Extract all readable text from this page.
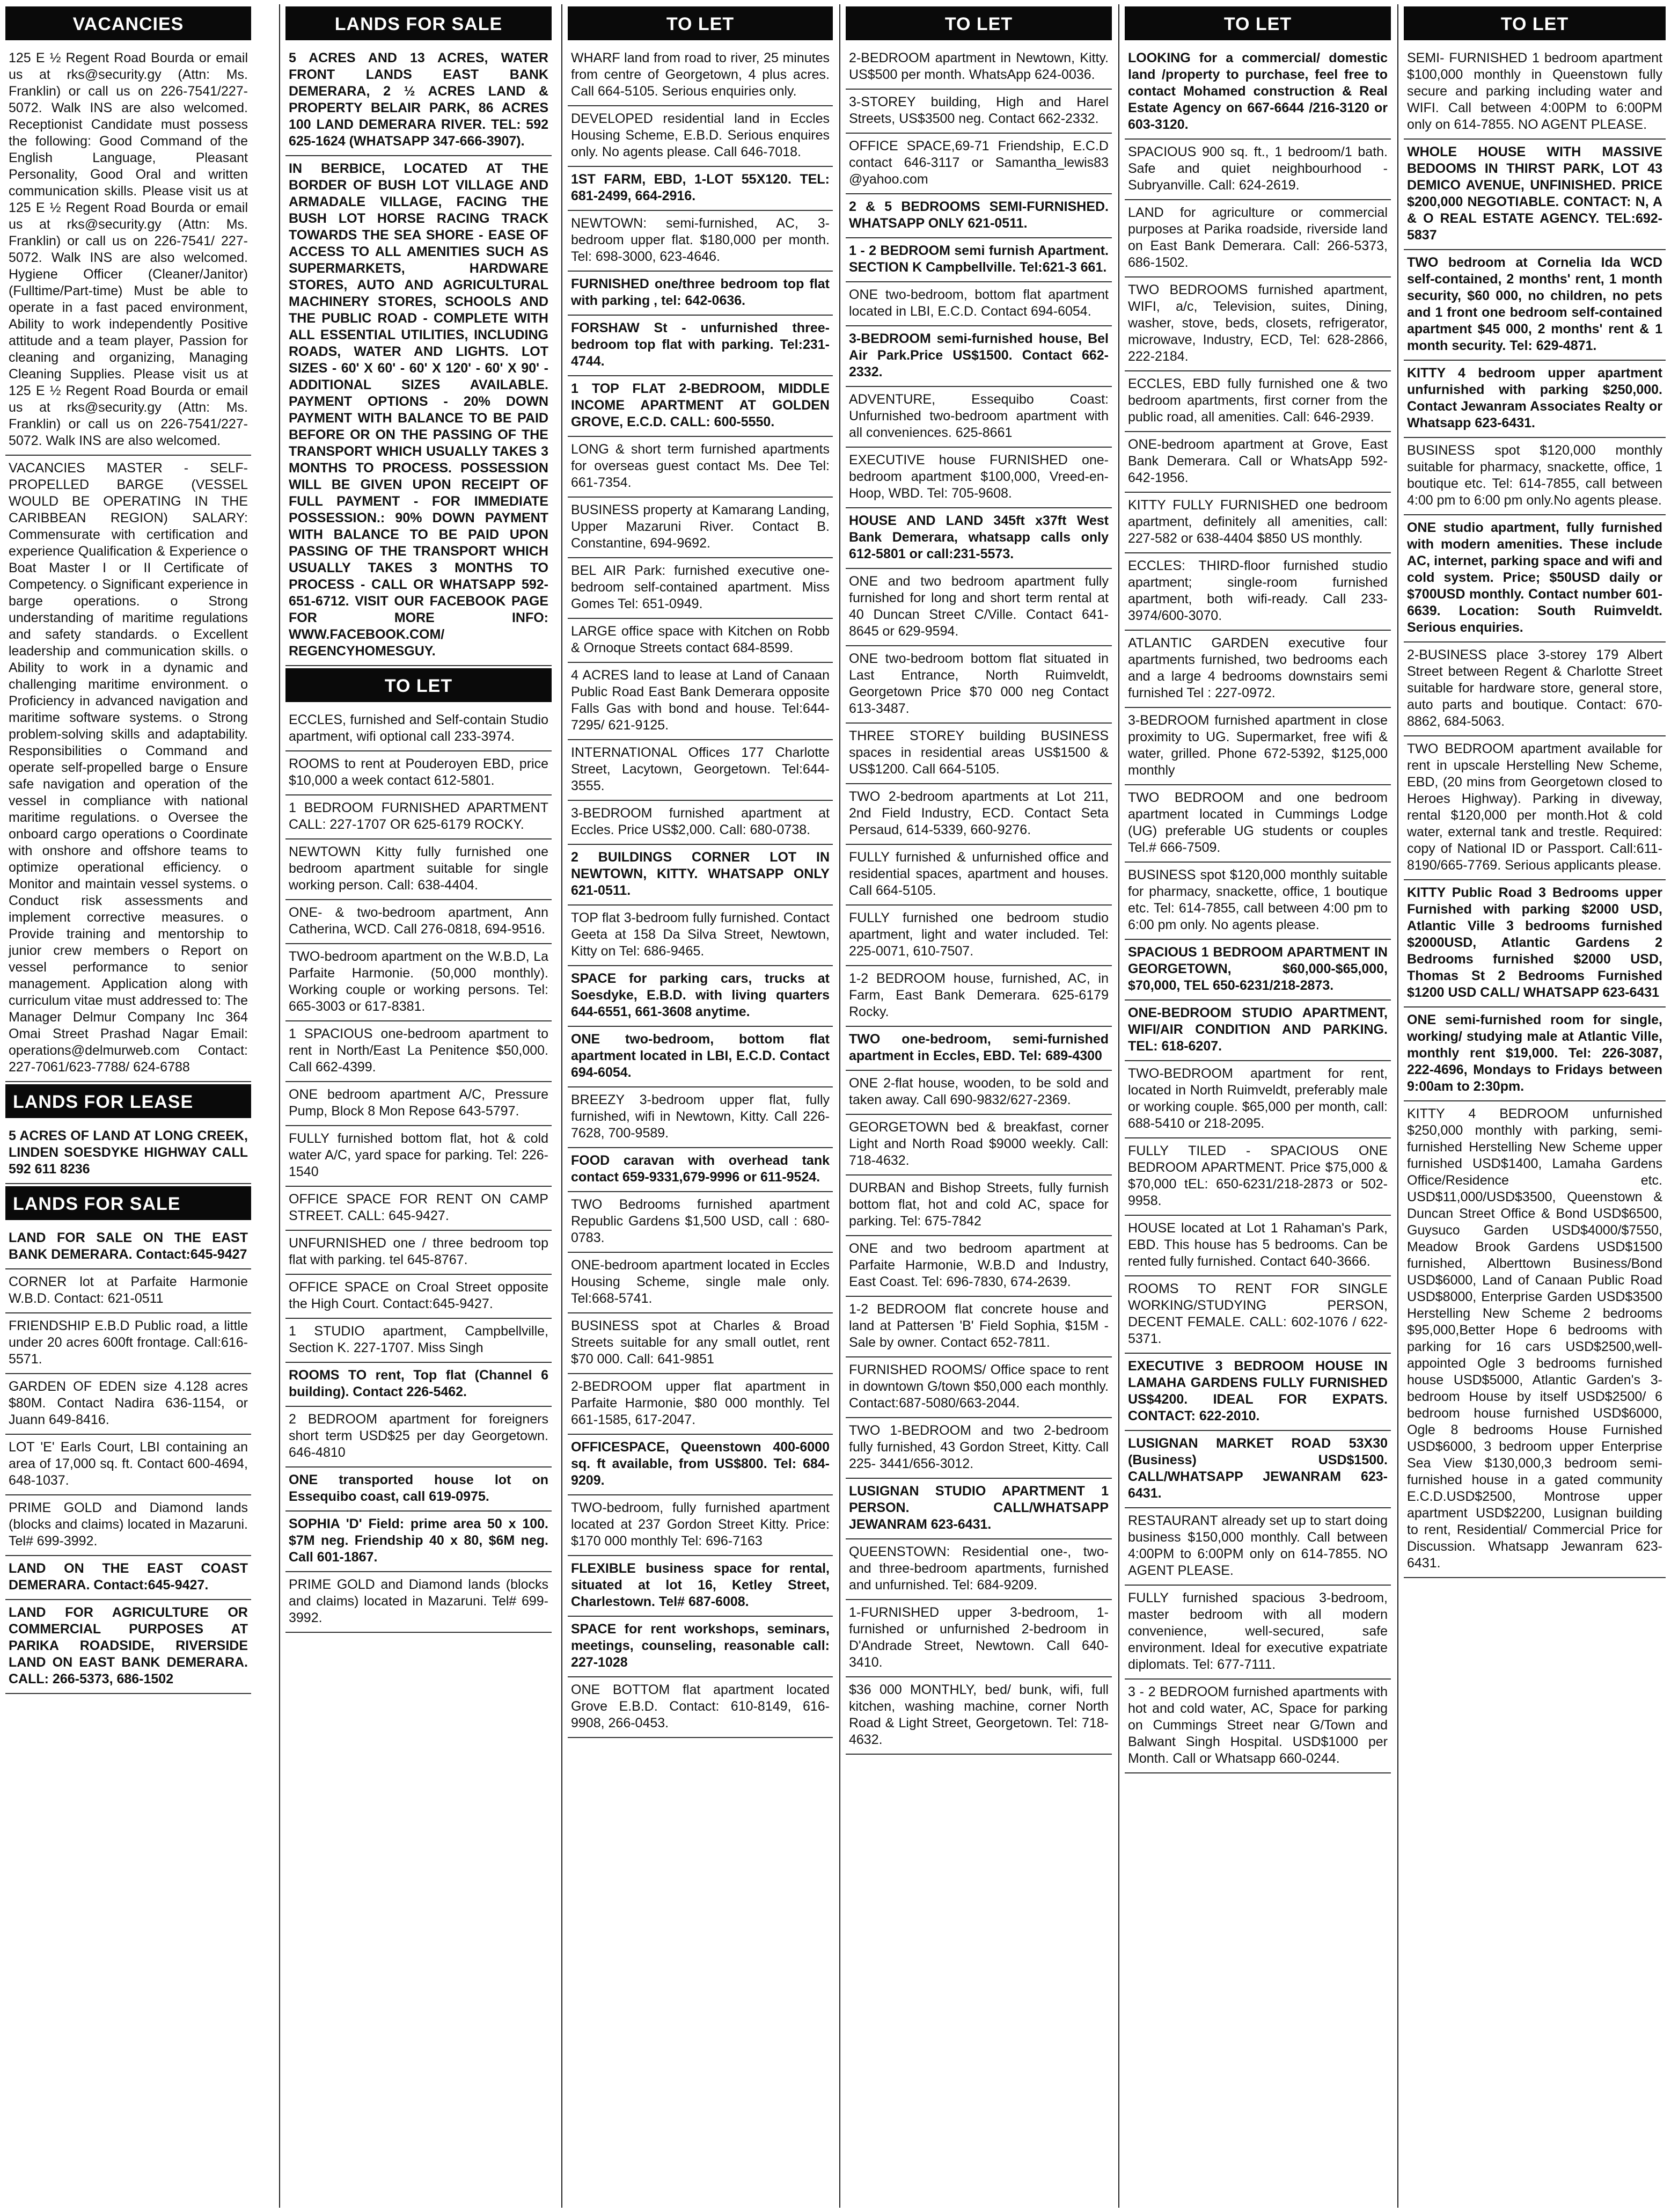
VACANCIES
125 E ½ Regent Road Bourda or email us at rks@security.gy (Attn: Ms. Franklin) or call us on 226-7541/227-5072. Walk INS are also welcomed. Receptionist Candidate must possess the following: Good Command of the English Language, Pleasant Personality, Good Oral and written communication skills. Please visit us at 125 E ½ Regent Road Bourda or email us at rks@security.gy (Attn: Ms. Franklin) or call us on 226-7541/ 227-5072. Walk INS are also welcomed. Hygiene Officer (Cleaner/Janitor) (Fulltime/Part-time) Must be able to operate in a fast paced environment, Ability to work independently Positive attitude and a team player, Passion for cleaning and organizing, Managing Cleaning Supplies. Please visit us at 125 E ½ Regent Road Bourda or email us at rks@security.gy (Attn: Ms. Franklin) or call us on 226-7541/227-5072. Walk INS are also welcomed.
VACANCIES MASTER - SELF-PROPELLED BARGE (VESSEL WOULD BE OPERATING IN THE CARIBBEAN REGION) SALARY: Commensurate with certification and experience Qualification & Experience o Boat Master I or II Certificate of Competency. o Significant experience in barge operations. o Strong understanding of maritime regulations and safety standards. o Excellent leadership and communication skills. o Ability to work in a dynamic and challenging maritime environment. o Proficiency in advanced navigation and maritime software systems. o Strong problem-solving skills and adaptability. Responsibilities o Command and operate self-propelled barge o Ensure safe navigation and operation of the vessel in compliance with national maritime regulations. o Oversee the onboard cargo operations o Coordinate with onshore and offshore teams to optimize operational efficiency. o Monitor and maintain vessel systems. o Conduct risk assessments and implement corrective measures. o Provide training and mentorship to junior crew members o Report on vessel performance to senior management. Application along with curriculum vitae must addressed to: The Manager Delmur Company Inc 364 Omai Street Prashad Nagar Email: operations@delmurweb.com Contact: 227-7061/623-7788/ 624-6788
LANDS FOR LEASE
5 ACRES OF LAND AT LONG CREEK, LINDEN SOESDYKE HIGHWAY CALL 592 611 8236
LANDS FOR SALE
LAND FOR SALE ON THE EAST BANK DEMERARA. Contact:645-9427
CORNER lot at Parfaite Harmonie W.B.D. Contact: 621-0511
FRIENDSHIP E.B.D Public road, a little under 20 acres 600ft frontage. Call:616-5571.
GARDEN OF EDEN size 4.128 acres $80M. Contact Nadira 636-1154, or Juann 649-8416.
LOT 'E' Earls Court, LBI containing an area of 17,000 sq. ft. Contact 600-4694, 648-1037.
PRIME GOLD and Diamond lands (blocks and claims) located in Mazaruni. Tel# 699-3992.
LAND ON THE EAST COAST DEMERARA. Contact:645-9427.
LAND FOR AGRICULTURE OR COMMERCIAL PURPOSES AT PARIKA ROADSIDE, RIVERSIDE LAND ON EAST BANK DEMERARA. CALL: 266-5373, 686-1502
LANDS FOR SALE
5 ACRES AND 13 ACRES, WATER FRONT LANDS EAST BANK DEMERARA, 2 ½ ACRES LAND & PROPERTY BELAIR PARK, 86 ACRES 100 LAND DEMERARA RIVER. TEL: 592 625-1624 (WHATSAPP 347-666-3907).
IN BERBICE, LOCATED AT THE BORDER OF BUSH LOT VILLAGE AND ARMADALE VILLAGE, FACING THE BUSH LOT HORSE RACING TRACK TOWARDS THE SEA SHORE - EASE OF ACCESS TO ALL AMENITIES SUCH AS SUPERMARKETS, HARDWARE STORES, AUTO AND AGRICULTURAL MACHINERY STORES, SCHOOLS AND THE PUBLIC ROAD - COMPLETE WITH ALL ESSENTIAL UTILITIES, INCLUDING ROADS, WATER AND LIGHTS. LOT SIZES - 60' X 60' - 60' X 120' - 60' X 90' - ADDITIONAL SIZES AVAILABLE. PAYMENT OPTIONS - 20% DOWN PAYMENT WITH BALANCE TO BE PAID BEFORE OR ON THE PASSING OF THE TRANSPORT WHICH USUALLY TAKES 3 MONTHS TO PROCESS. POSSESSION WILL BE GIVEN UPON RECEIPT OF FULL PAYMENT - FOR IMMEDIATE POSSESSION.: 90% DOWN PAYMENT WITH BALANCE TO BE PAID UPON PASSING OF THE TRANSPORT WHICH USUALLY TAKES 3 MONTHS TO PROCESS - CALL OR WHATSAPP 592-651-6712. VISIT OUR FACEBOOK PAGE FOR MORE INFO: WWW.FACEBOOK.COM/ REGENCYHOMESGUY.
TO LET
ECCLES, furnished and Self-contain Studio apartment, wifi optional call 233-3974.
ROOMS to rent at Pouderoyen EBD, price $10,000 a week contact 612-5801.
1 BEDROOM FURNISHED APARTMENT CALL: 227-1707 OR 625-6179 ROCKY.
NEWTOWN Kitty fully furnished one bedroom apartment suitable for single working person. Call: 638-4404.
ONE- & two-bedroom apartment, Ann Catherina, WCD. Call 276-0818, 694-9516.
TWO-bedroom apartment on the W.B.D, La Parfaite Harmonie. (50,000 monthly). Working couple or working persons. Tel: 665-3003 or 617-8381.
1 SPACIOUS one-bedroom apartment to rent in North/East La Penitence $50,000. Call 662-4399.
ONE bedroom apartment A/C, Pressure Pump, Block 8 Mon Repose 643-5797.
FULLY furnished bottom flat, hot & cold water A/C, yard space for parking. Tel: 226-1540
OFFICE SPACE FOR RENT ON CAMP STREET. CALL: 645-9427.
UNFURNISHED one / three bedroom top flat with parking. tel 645-8767.
OFFICE SPACE on Croal Street opposite the High Court. Contact:645-9427.
1 STUDIO apartment, Campbellville, Section K. 227-1707. Miss Singh
ROOMS TO rent, Top flat (Channel 6 building). Contact 226-5462.
2 BEDROOM apartment for foreigners short term USD$25 per day Georgetown. 646-4810
ONE transported house lot on Essequibo coast, call 619-0975.
SOPHIA 'D' Field: prime area 50 x 100. $7M neg. Friendship 40 x 80, $6M neg. Call 601-1867.
PRIME GOLD and Diamond lands (blocks and claims) located in Mazaruni. Tel# 699-3992.
TO LET
WHARF land from road to river, 25 minutes from centre of Georgetown, 4 plus acres. Call 664-5105. Serious enquiries only.
DEVELOPED residential land in Eccles Housing Scheme, E.B.D. Serious enquires only. No agents please. Call 646-7018.
1ST FARM, EBD, 1-LOT 55X120. TEL: 681-2499, 664-2916.
NEWTOWN: semi-furnished, AC, 3-bedroom upper flat. $180,000 per month. Tel: 698-3000, 623-4646.
FURNISHED one/three bedroom top flat with parking , tel: 642-0636.
FORSHAW St - unfurnished three-bedroom top flat with parking. Tel:231-4744.
1 TOP FLAT 2-BEDROOM, MIDDLE INCOME APARTMENT AT GOLDEN GROVE, E.C.D. CALL: 600-5550.
LONG & short term furnished apartments for overseas guest contact Ms. Dee Tel: 661-7354.
BUSINESS property at Kamarang Landing, Upper Mazaruni River. Contact B. Constantine, 694-9692.
BEL AIR Park: furnished executive one-bedroom self-contained apartment. Miss Gomes Tel: 651-0949.
LARGE office space with Kitchen on Robb & Ornoque Streets contact 684-8599.
4 ACRES land to lease at Land of Canaan Public Road East Bank Demerara opposite Falls Gas with bond and house. Tel:644-7295/ 621-9125.
INTERNATIONAL Offices 177 Charlotte Street, Lacytown, Georgetown. Tel:644-3555.
3-BEDROOM furnished apartment at Eccles. Price US$2,000. Call: 680-0738.
2 BUILDINGS CORNER LOT IN NEWTOWN, KITTY. WHATSAPP ONLY 621-0511.
TOP flat 3-bedroom fully furnished. Contact Geeta at 158 Da Silva Street, Newtown, Kitty on Tel: 686-9465.
SPACE for parking cars, trucks at Soesdyke, E.B.D. with living quarters 644-6551, 661-3608 anytime.
ONE two-bedroom, bottom flat apartment located in LBI, E.C.D. Contact 694-6054.
BREEZY 3-bedroom upper flat, fully furnished, wifi in Newtown, Kitty. Call 226-7628, 700-9589.
FOOD caravan with overhead tank contact 659-9331,679-9996 or 611-9524.
TWO Bedrooms furnished apartment Republic Gardens $1,500 USD, call : 680-0783.
ONE-bedroom apartment located in Eccles Housing Scheme, single male only. Tel:668-5741.
BUSINESS spot at Charles & Broad Streets suitable for any small outlet, rent $70 000. Call: 641-9851
2-BEDROOM upper flat apartment in Parfaite Harmonie, $80 000 monthly. Tel 661-1585, 617-2047.
OFFICESPACE, Queenstown 400-6000 sq. ft available, from US$800. Tel: 684-9209.
TWO-bedroom, fully furnished apartment located at 237 Gordon Street Kitty. Price: $170 000 monthly Tel: 696-7163
FLEXIBLE business space for rental, situated at lot 16, Ketley Street, Charlestown. Tel# 687-6008.
SPACE for rent workshops, seminars, meetings, counseling, reasonable call: 227-1028
ONE BOTTOM flat apartment located Grove E.B.D. Contact: 610-8149, 616-9908, 266-0453.
TO LET
2-BEDROOM apartment in Newtown, Kitty. US$500 per month. WhatsApp 624-0036.
3-STOREY building, High and Harel Streets, US$3500 neg. Contact 662-2332.
OFFICE SPACE,69-71 Friendship, E.C.D contact 646-3117 or Samantha_lewis83 @yahoo.com
2 & 5 BEDROOMS SEMI-FURNISHED. WHATSAPP ONLY 621-0511.
1 - 2 BEDROOM semi furnish Apartment. SECTION K Campbellville. Tel:621-3 661.
ONE two-bedroom, bottom flat apartment located in LBI, E.C.D. Contact 694-6054.
3-BEDROOM semi-furnished house, Bel Air Park.Price US$1500. Contact 662-2332.
ADVENTURE, Essequibo Coast: Unfurnished two-bedroom apartment with all conveniences. 625-8661
EXECUTIVE house FURNISHED one-bedroom apartment $100,000, Vreed-en-Hoop, WBD. Tel: 705-9608.
HOUSE AND LAND 345ft x37ft West Bank Demerara, whatsapp calls only 612-5801 or call:231-5573.
ONE and two bedroom apartment fully furnished for long and short term rental at 40 Duncan Street C/Ville. Contact 641-8645 or 629-9594.
ONE two-bedroom bottom flat situated in Last Entrance, North Ruimveldt, Georgetown Price $70 000 neg Contact 613-3487.
THREE STOREY building BUSINESS spaces in residential areas US$1500 & US$1200. Call 664-5105.
TWO 2-bedroom apartments at Lot 211, 2nd Field Industry, ECD. Contact Seta Persaud, 614-5339, 660-9276.
FULLY furnished & unfurnished office and residential spaces, apartment and houses. Call 664-5105.
FULLY furnished one bedroom studio apartment, light and water included. Tel: 225-0071, 610-7507.
1-2 BEDROOM house, furnished, AC, in Farm, East Bank Demerara. 625-6179 Rocky.
TWO one-bedroom, semi-furnished apartment in Eccles, EBD. Tel: 689-4300
ONE 2-flat house, wooden, to be sold and taken away. Call 690-9832/627-2369.
GEORGETOWN bed & breakfast, corner Light and North Road $9000 weekly. Call: 718-4632.
DURBAN and Bishop Streets, fully furnish bottom flat, hot and cold AC, space for parking. Tel: 675-7842
ONE and two bedroom apartment at Parfaite Harmonie, W.B.D and Industry, East Coast. Tel: 696-7830, 674-2639.
1-2 BEDROOM flat concrete house and land at Pattersen 'B' Field Sophia, $15M - Sale by owner. Contact 652-7811.
FURNISHED ROOMS/ Office space to rent in downtown G/town $50,000 each monthly. Contact:687-5080/663-2044.
TWO 1-BEDROOM and two 2-bedroom fully furnished, 43 Gordon Street, Kitty. Call 225- 3441/656-3012.
LUSIGNAN STUDIO APARTMENT 1 PERSON. CALL/WHATSAPP JEWANRAM 623-6431.
QUEENSTOWN: Residential one-, two- and three-bedroom apartments, furnished and unfurnished. Tel: 684-9209.
1-FURNISHED upper 3-bedroom, 1-furnished or unfurnished 2-bedroom in D'Andrade Street, Newtown. Call 640-3410.
$36 000 MONTHLY, bed/ bunk, wifi, full kitchen, washing machine, corner North Road & Light Street, Georgetown. Tel: 718-4632.
TO LET
LOOKING for a commercial/ domestic land /property to purchase, feel free to contact Mohamed construction & Real Estate Agency on 667-6644 /216-3120 or 603-3120.
SPACIOUS 900 sq. ft., 1 bedroom/1 bath. Safe and quiet neighbourhood - Subryanville. Call: 624-2619.
LAND for agriculture or commercial purposes at Parika roadside, riverside land on East Bank Demerara. Call: 266-5373, 686-1502.
TWO BEDROOMS furnished apartment, WIFI, a/c, Television, suites, Dining, washer, stove, beds, closets, refrigerator, microwave, Industry, ECD, Tel: 628-2866, 222-2184.
ECCLES, EBD fully furnished one & two bedroom apartments, first corner from the public road, all amenities. Call: 646-2939.
ONE-bedroom apartment at Grove, East Bank Demerara. Call or WhatsApp 592-642-1956.
KITTY FULLY FURNISHED one bedroom apartment, definitely all amenities, call: 227-582 or 638-4404 $850 US monthly.
ECCLES: THIRD-floor furnished studio apartment; single-room furnished apartment, both wifi-ready. Call 233-3974/600-3070.
ATLANTIC GARDEN executive four apartments furnished, two bedrooms each and a large 4 bedrooms downstairs semi furnished Tel : 227-0972.
3-BEDROOM furnished apartment in close proximity to UG. Supermarket, free wifi & water, grilled. Phone 672-5392, $125,000 monthly
TWO BEDROOM and one bedroom apartment located in Cummings Lodge (UG) preferable UG students or couples Tel.# 666-7509.
BUSINESS spot $120,000 monthly suitable for pharmacy, snackette, office, 1 boutique etc. Tel: 614-7855, call between 4:00 pm to 6:00 pm only. No agents please.
SPACIOUS 1 BEDROOM APARTMENT IN GEORGETOWN, $60,000-$65,000, $70,000, TEL 650-6231/218-2873.
ONE-BEDROOM STUDIO APARTMENT, WIFI/AIR CONDITION AND PARKING. TEL: 618-6207.
TWO-BEDROOM apartment for rent, located in North Ruimveldt, preferably male or working couple. $65,000 per month, call: 688-5410 or 218-2095.
FULLY TILED - SPACIOUS ONE BEDROOM APARTMENT. Price $75,000 & $70,000 tEL: 650-6231/218-2873 or 502-9958.
HOUSE located at Lot 1 Rahaman's Park, EBD. This house has 5 bedrooms. Can be rented fully furnished. Contact 640-3666.
ROOMS TO RENT FOR SINGLE WORKING/STUDYING PERSON, DECENT FEMALE. CALL: 602-1076 / 622-5371.
EXECUTIVE 3 BEDROOM HOUSE IN LAMAHA GARDENS FULLY FURNISHED US$4200. IDEAL FOR EXPATS. CONTACT: 622-2010.
LUSIGNAN MARKET ROAD 53X30 (Business) USD$1500. CALL/WHATSAPP JEWANRAM 623-6431.
RESTAURANT already set up to start doing business $150,000 monthly. Call between 4:00PM to 6:00PM only on 614-7855. NO AGENT PLEASE.
FULLY furnished spacious 3-bedroom, master bedroom with all modern convenience, well-secured, safe environment. Ideal for executive expatriate diplomats. Tel: 677-7111.
3 - 2 BEDROOM furnished apartments with hot and cold water, AC, Space for parking on Cummings Street near G/Town and Balwant Singh Hospital. USD$1000 per Month. Call or Whatsapp 660-0244.
TO LET
SEMI- FURNISHED 1 bedroom apartment $100,000 monthly in Queenstown fully secure and parking including water and WIFI. Call between 4:00PM to 6:00PM only on 614-7855. NO AGENT PLEASE.
WHOLE HOUSE WITH MASSIVE BEDOOMS IN THIRST PARK, LOT 43 DEMICO AVENUE, UNFINISHED. PRICE $200,000 NEGOTIABLE. CONTACT: N, A & O REAL ESTATE AGENCY. TEL:692-5837
TWO bedroom at Cornelia Ida WCD self-contained, 2 months' rent, 1 month security, $60 000, no children, no pets and 1 front one bedroom self-contained apartment $45 000, 2 months' rent & 1 month security. Tel: 629-4871.
KITTY 4 bedroom upper apartment unfurnished with parking $250,000. Contact Jewanram Associates Realty or Whatsapp 623-6431.
BUSINESS spot $120,000 monthly suitable for pharmacy, snackette, office, 1 boutique etc. Tel: 614-7855, call between 4:00 pm to 6:00 pm only.No agents please.
ONE studio apartment, fully furnished with modern amenities. These include AC, internet, parking space and wifi and cold system. Price; $50USD daily or $700USD monthly. Contact number 601-6639. Location: South Ruimveldt. Serious enquiries.
2-BUSINESS place 3-storey 179 Albert Street between Regent & Charlotte Street suitable for hardware store, general store, auto parts and boutique. Contact: 670-8862, 684-5063.
TWO BEDROOM apartment available for rent in upscale Herstelling New Scheme, EBD, (20 mins from Georgetown closed to Heroes Highway). Parking in diveway, rental $120,000 per month.Hot & cold water, external tank and trestle. Required: copy of National ID or Passport. Call:611-8190/665-7769. Serious applicants please.
KITTY Public Road 3 Bedrooms upper Furnished with parking $2000 USD, Atlantic Ville 3 bedrooms furnished $2000USD, Atlantic Gardens 2 Bedrooms furnished $2000 USD, Thomas St 2 Bedrooms Furnished $1200 USD CALL/ WHATSAPP 623-6431
ONE semi-furnished room for single, working/ studying male at Atlantic Ville, monthly rent $19,000. Tel: 226-3087, 222-4696, Mondays to Fridays between 9:00am to 2:30pm.
KITTY 4 BEDROOM unfurnished $250,000 monthly with parking, semi-furnished Herstelling New Scheme upper furnished USD$1400, Lamaha Gardens Office/Residence etc. USD$11,000/USD$3500, Queenstown & Duncan Street Office & Bond USD$6500, Guysuco Garden USD$4000/$7550, Meadow Brook Gardens USD$1500 furnished, Alberttown Business/Bond USD$6000, Land of Canaan Public Road USD$8000, Enterprise Garden USD$3500 Herstelling New Scheme 2 bedrooms $95,000,Better Hope 6 bedrooms with parking for 16 cars USD$2500,well-appointed Ogle 3 bedrooms furnished house USD$5000, Atlantic Garden's 3-bedroom House by itself USD$2500/ 6 bedroom house furnished USD$6000, Ogle 8 bedrooms House Furnished USD$6000, 3 bedroom upper Enterprise Sea View $130,000,3 bedroom semi-furnished house in a gated community E.C.D.USD$2500, Montrose upper apartment USD$2200, Lusignan building to rent, Residential/ Commercial Price for Discussion. Whatsapp Jewanram 623-6431.
